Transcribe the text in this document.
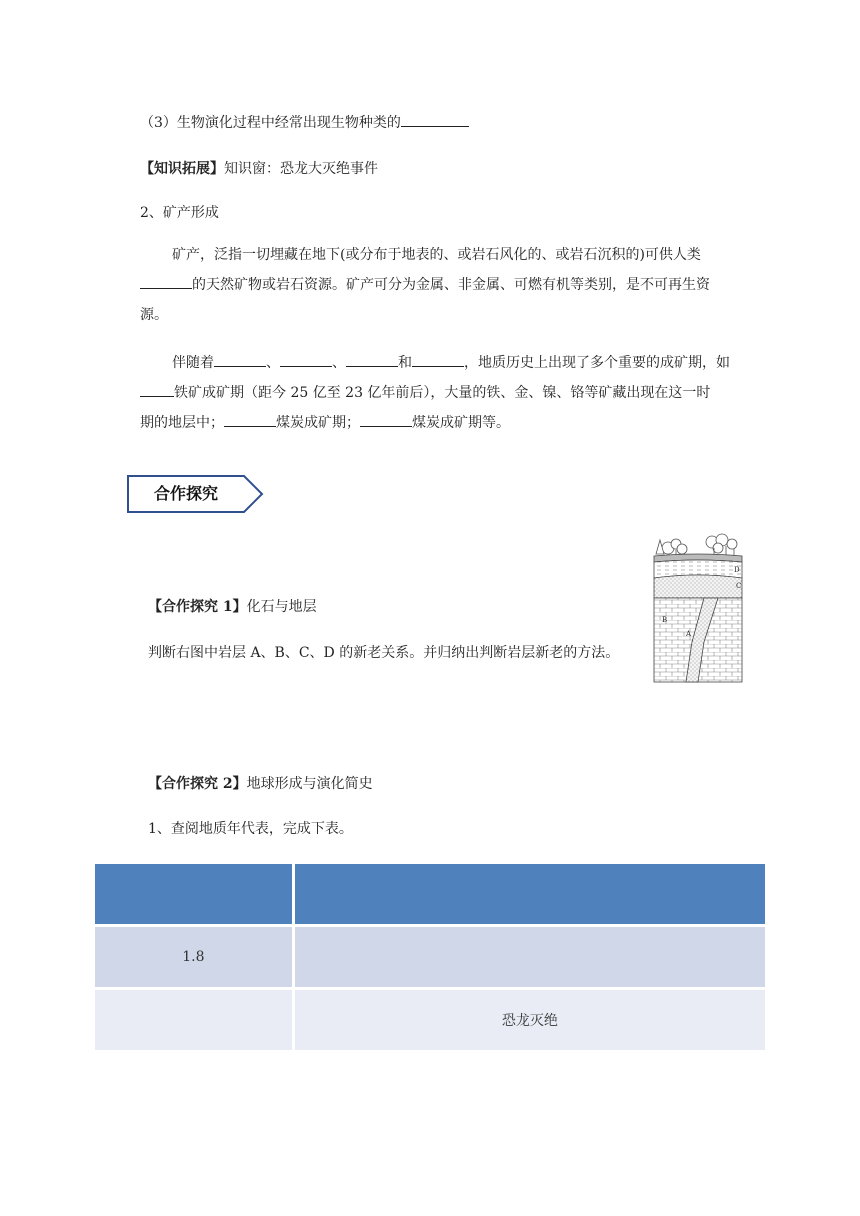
（3）生物演化过程中经常出现生物种类的
【知识拓展】知识窗：恐龙大灭绝事件
2、矿产形成
矿产，泛指一切埋藏在地下(或分布于地表的、或岩石风化的、或岩石沉积的)可供人类
的天然矿物或岩石资源。矿产可分为金属、非金属、可燃有机等类别，是不可再生资
源。
伴随着	、	、	和	，地质历史上出现了多个重要的成矿期，如
铁矿成矿期（距今 25 亿至 23 亿年前后），大量的铁、金、镍、铬等矿藏出现在这一时
期的地层中；	煤炭成矿期；	煤炭成矿期等。
合作探究
【合作探究 1】化石与地层
判断右图中岩层 A、B、C、D 的新老关系。并归纳出判断岩层新老的方法。
D
C
B
A
【合作探究 2】地球形成与演化简史
1、查阅地质年代表，完成下表。

1.8	
	恐龙灭绝
